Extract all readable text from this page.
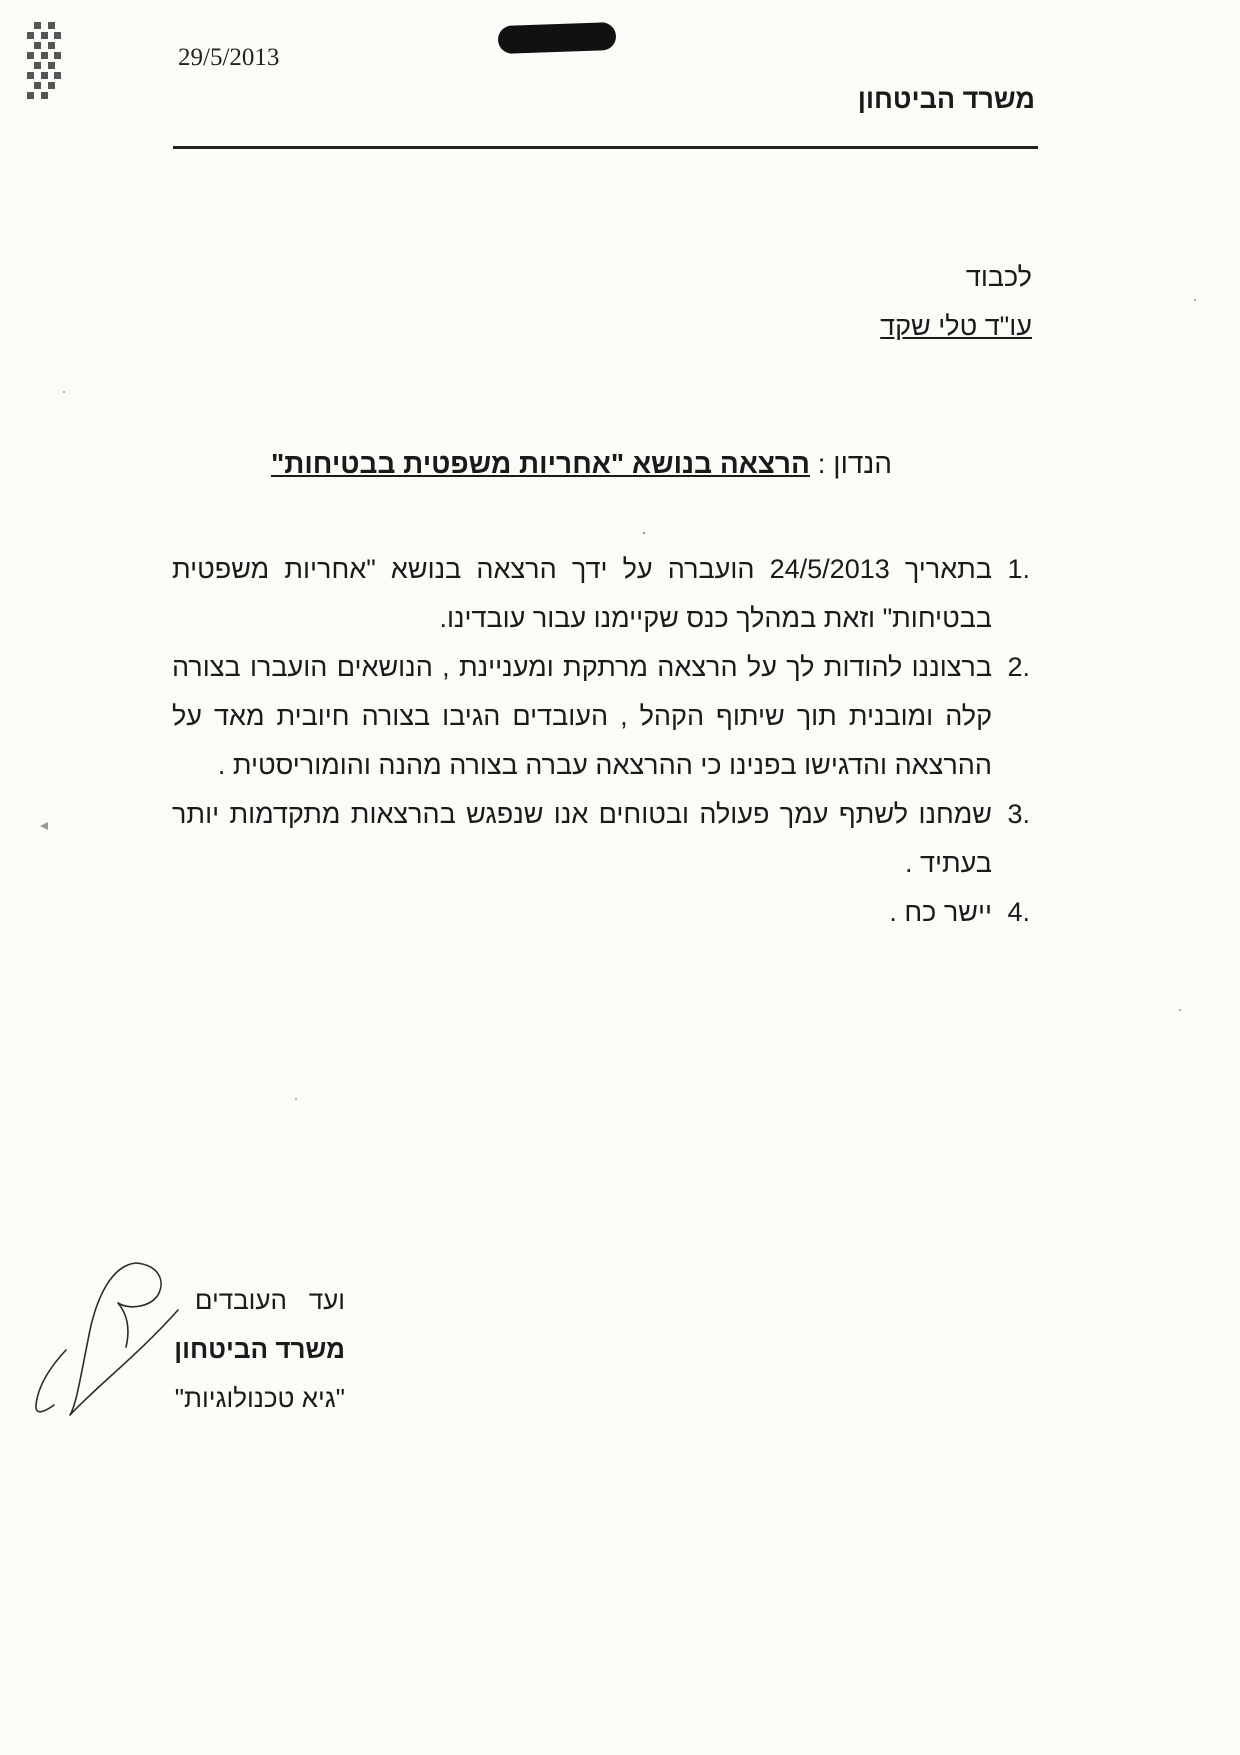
29/5/2013
משרד הביטחון
לכבוד
עו"ד טלי שקד
הנדון : הרצאה בנושא "אחריות משפטית בבטיחות"
1.
בתאריך 24/5/2013 הועברה על ידך הרצאה בנושא "אחריות משפטית בבטיחות" וזאת במהלך כנס שקיימנו עבור עובדינו.
2.
ברצוננו להודות לך על הרצאה מרתקת ומעניינת , הנושאים הועברו בצורה קלה ומובנית תוך שיתוף הקהל , העובדים הגיבו בצורה חיובית מאד על ההרצאה והדגישו בפנינו כי ההרצאה עברה בצורה מהנה והומוריסטית .
3.
שמחנו לשתף עמך פעולה ובטוחים אנו שנפגש בהרצאות מתקדמות יותר בעתיד .
4.
יישר כח .
ועד   העובדים
משרד הביטחון
"גיא טכנולוגיות"
